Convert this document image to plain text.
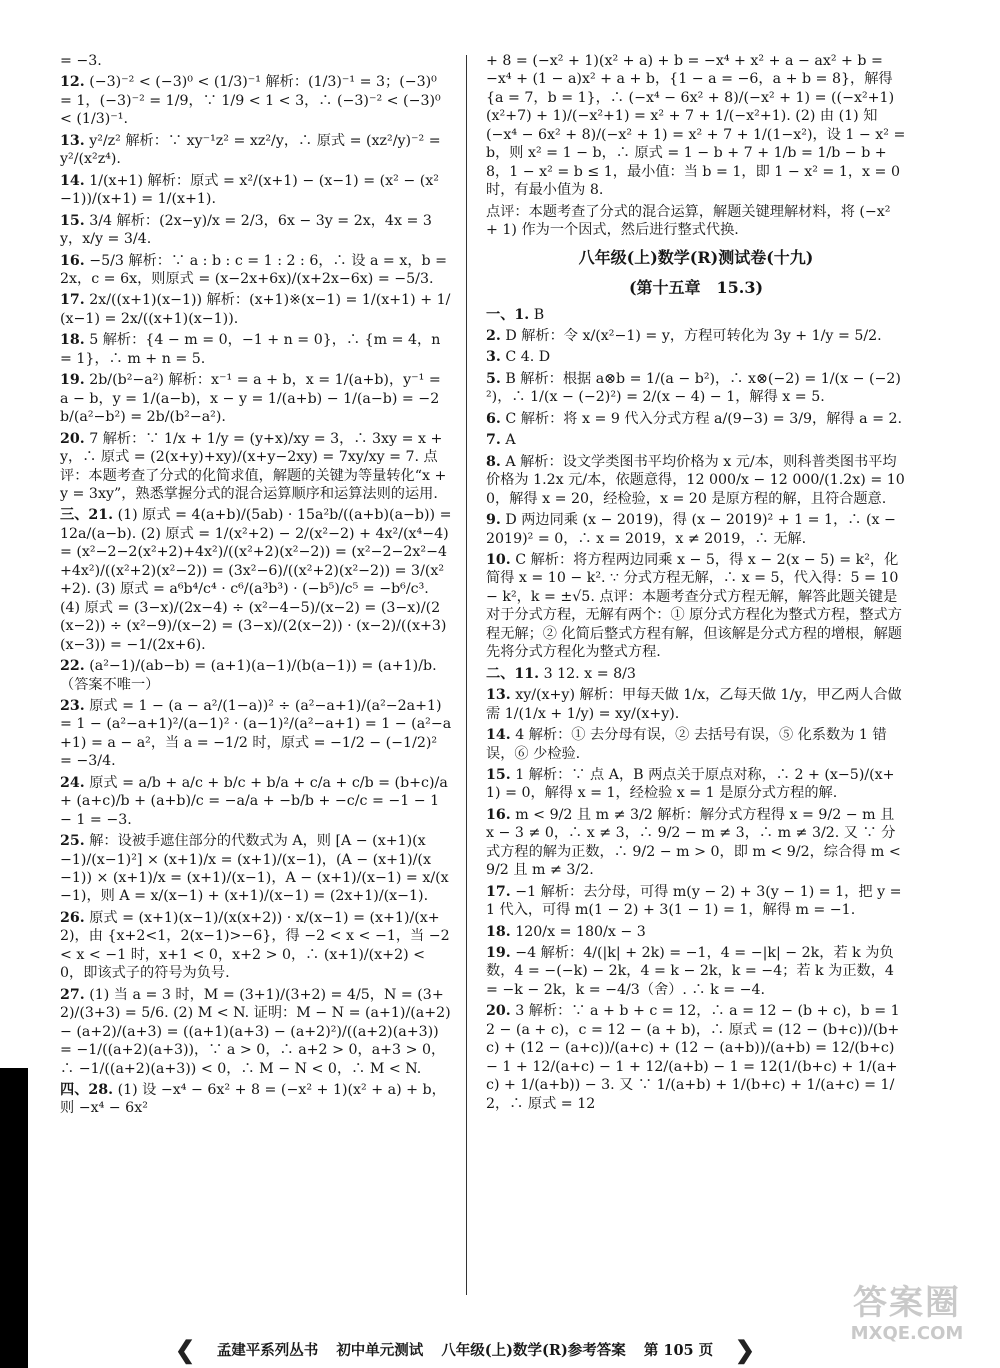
= −3.
12. (−3)⁻² < (−3)⁰ < (1/3)⁻¹ 解析：(1/3)⁻¹ = 3；(−3)⁰ = 1，(−3)⁻² = 1/9，∵ 1/9 < 1 < 3，∴ (−3)⁻² < (−3)⁰ < (1/3)⁻¹.
13. y²/z² 解析：∵ xy⁻¹z² = xz²/y，∴ 原式 = (xz²/y)⁻² = y²/(x²z⁴).
14. 1/(x+1) 解析：原式 = x²/(x+1) − (x−1) = (x² − (x²−1))/(x+1) = 1/(x+1).
15. 3/4 解析：(2x−y)/x = 2/3，6x − 3y = 2x，4x = 3y，x/y = 3/4.
16. −5/3 解析：∵ a : b : c = 1 : 2 : 6，∴ 设 a = x，b = 2x，c = 6x，则原式 = (x−2x+6x)/(x+2x−6x) = −5/3.
17. 2x/((x+1)(x−1)) 解析：(x+1)※(x−1) = 1/(x+1) + 1/(x−1) = 2x/((x+1)(x−1)).
18. 5 解析：{4 − m = 0，−1 + n = 0}，∴ {m = 4，n = 1}，∴ m + n = 5.
19. 2b/(b²−a²) 解析：x⁻¹ = a + b，x = 1/(a+b)，y⁻¹ = a − b，y = 1/(a−b)，x − y = 1/(a+b) − 1/(a−b) = −2b/(a²−b²) = 2b/(b²−a²).
20. 7 解析：∵ 1/x + 1/y = (y+x)/xy = 3，∴ 3xy = x + y，∴ 原式 = (2(x+y)+xy)/(x+y−2xy) = 7xy/xy = 7. 点评：本题考查了分式的化简求值，解题的关键为等量转化“x + y = 3xy”，熟悉掌握分式的混合运算顺序和运算法则的运用.
三、21. (1) 原式 = 4(a+b)/(5ab) · 15a²b/((a+b)(a−b)) = 12a/(a−b). (2) 原式 = 1/(x²+2) − 2/(x²−2) + 4x²/(x⁴−4) = (x²−2−2(x²+2)+4x²)/((x²+2)(x²−2)) = (x²−2−2x²−4+4x²)/((x²+2)(x²−2)) = (3x²−6)/((x²+2)(x²−2)) = 3/(x²+2). (3) 原式 = a⁶b⁴/c⁴ · c⁶/(a³b³) · (−b⁵)/c⁵ = −b⁶/c³. (4) 原式 = (3−x)/(2x−4) ÷ (x²−4−5)/(x−2) = (3−x)/(2(x−2)) ÷ (x²−9)/(x−2) = (3−x)/(2(x−2)) · (x−2)/((x+3)(x−3)) = −1/(2x+6).
22. (a²−1)/(ab−b) = (a+1)(a−1)/(b(a−1)) = (a+1)/b.（答案不唯一）
23. 原式 = 1 − (a − a²/(1−a))² ÷ (a²−a+1)/(a²−2a+1) = 1 − (a²−a+1)²/(a−1)² · (a−1)²/(a²−a+1) = 1 − (a²−a+1) = a − a²，当 a = −1/2 时，原式 = −1/2 − (−1/2)² = −3/4.
24. 原式 = a/b + a/c + b/c + b/a + c/a + c/b = (b+c)/a + (a+c)/b + (a+b)/c = −a/a + −b/b + −c/c = −1 − 1 − 1 = −3.
25. 解：设被手遮住部分的代数式为 A，则 [A − (x+1)(x−1)/(x−1)²] × (x+1)/x = (x+1)/(x−1)，(A − (x+1)/(x−1)) × (x+1)/x = (x+1)/(x−1)，A − (x+1)/(x−1) = x/(x−1)，则 A = x/(x−1) + (x+1)/(x−1) = (2x+1)/(x−1).
26. 原式 = (x+1)(x−1)/(x(x+2)) · x/(x−1) = (x+1)/(x+2)，由 {x+2<1，2(x−1)>−6}，得 −2 < x < −1，当 −2 < x < −1 时，x+1 < 0，x+2 > 0，∴ (x+1)/(x+2) < 0，即该式子的符号为负号.
27. (1) 当 a = 3 时，M = (3+1)/(3+2) = 4/5，N = (3+2)/(3+3) = 5/6. (2) M < N. 证明：M − N = (a+1)/(a+2) − (a+2)/(a+3) = ((a+1)(a+3) − (a+2)²)/((a+2)(a+3)) = −1/((a+2)(a+3))，∵ a > 0，∴ a+2 > 0，a+3 > 0，∴ −1/((a+2)(a+3)) < 0，∴ M − N < 0，∴ M < N.
四、28. (1) 设 −x⁴ − 6x² + 8 = (−x² + 1)(x² + a) + b，则 −x⁴ − 6x²
+ 8 = (−x² + 1)(x² + a) + b = −x⁴ + x² + a − ax² + b = −x⁴ + (1 − a)x² + a + b，{1 − a = −6，a + b = 8}，解得 {a = 7，b = 1}，∴ (−x⁴ − 6x² + 8)/(−x² + 1) = ((−x²+1)(x²+7) + 1)/(−x²+1) = x² + 7 + 1/(−x²+1). (2) 由 (1) 知 (−x⁴ − 6x² + 8)/(−x² + 1) = x² + 7 + 1/(1−x²)，设 1 − x² = b，则 x² = 1 − b，∴ 原式 = 1 − b + 7 + 1/b = 1/b − b + 8，1 − x² = b ≤ 1，最小值：当 b = 1，即 1 − x² = 1，x = 0 时，有最小值为 8.
点评：本题考查了分式的混合运算，解题关键理解材料，将 (−x² + 1) 作为一个因式，然后进行整式代换.
八年级(上)数学(R)测试卷(十九)
(第十五章　15.3)
一、1. B
2. D 解析：令 x/(x²−1) = y，方程可转化为 3y + 1/y = 5/2.
3. C 4. D
5. B 解析：根据 a⊗b = 1/(a − b²)，∴ x⊗(−2) = 1/(x − (−2)²)，∴ 1/(x − (−2)²) = 2/(x − 4) − 1，解得 x = 5.
6. C 解析：将 x = 9 代入分式方程 a/(9−3) = 3/9，解得 a = 2.
7. A
8. A 解析：设文学类图书平均价格为 x 元/本，则科普类图书平均价格为 1.2x 元/本，依题意得，12 000/x − 12 000/(1.2x) = 100，解得 x = 20，经检验，x = 20 是原方程的解，且符合题意.
9. D 两边同乘 (x − 2019)，得 (x − 2019)² + 1 = 1，∴ (x − 2019)² = 0，∴ x = 2019，x ≠ 2019，∴ 无解.
10. C 解析：将方程两边同乘 x − 5，得 x − 2(x − 5) = k²，化简得 x = 10 − k². ∵ 分式方程无解，∴ x = 5，代入得：5 = 10 − k²，k = ±√5. 点评：本题考查分式方程无解，解答此题关键是对于分式方程，无解有两个：① 原分式方程化为整式方程，整式方程无解；② 化简后整式方程有解，但该解是分式方程的增根，解题先将分式方程化为整式方程.
二、11. 3 12. x = 8/3
13. xy/(x+y) 解析：甲每天做 1/x，乙每天做 1/y，甲乙两人合做需 1/(1/x + 1/y) = xy/(x+y).
14. 4 解析：① 去分母有误，② 去括号有误，⑤ 化系数为 1 错误，⑥ 少检验.
15. 1 解析：∵ 点 A，B 两点关于原点对称，∴ 2 + (x−5)/(x+1) = 0，解得 x = 1，经检验 x = 1 是原分式方程的解.
16. m < 9/2 且 m ≠ 3/2 解析：解分式方程得 x = 9/2 − m 且 x − 3 ≠ 0，∴ x ≠ 3，∴ 9/2 − m ≠ 3，∴ m ≠ 3/2. 又 ∵ 分式方程的解为正数，∴ 9/2 − m > 0，即 m < 9/2，综合得 m < 9/2 且 m ≠ 3/2.
17. −1 解析：去分母，可得 m(y − 2) + 3(y − 1) = 1，把 y = 1 代入，可得 m(1 − 2) + 3(1 − 1) = 1，解得 m = −1.
18. 120/x = 180/x − 3
19. −4 解析：4/(|k| + 2k) = −1，4 = −|k| − 2k，若 k 为负数，4 = −(−k) − 2k，4 = k − 2k，k = −4；若 k 为正数，4 = −k − 2k，k = −4/3（舍）. ∴ k = −4.
20. 3 解析：∵ a + b + c = 12，∴ a = 12 − (b + c)，b = 12 − (a + c)，c = 12 − (a + b)，∴ 原式 = (12 − (b+c))/(b+c) + (12 − (a+c))/(a+c) + (12 − (a+b))/(a+b) = 12/(b+c) − 1 + 12/(a+c) − 1 + 12/(a+b) − 1 = 12(1/(b+c) + 1/(a+c) + 1/(a+b)) − 3. 又 ∵ 1/(a+b) + 1/(b+c) + 1/(a+c) = 1/2，∴ 原式 = 12
❮ 孟建平系列丛书 初中单元测试 八年级(上)数学(R)参考答案 第 105 页 ❯
答案圈
MXQE.COM
